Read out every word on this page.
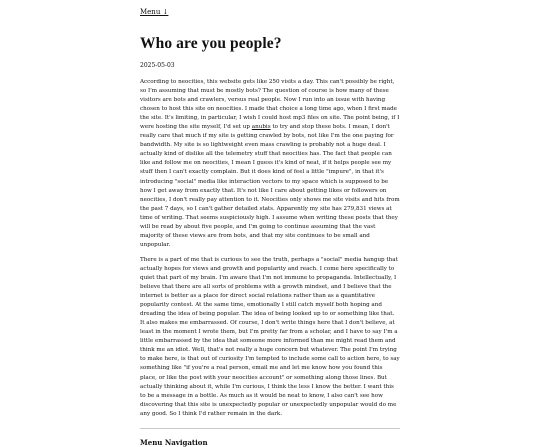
Menu ↓
Who are you people?
2025-05-03

According to neocities, this website gets like 250 visits a day. This can't possibly be right, so I'm assuming that must be mostly bots? The question of course is how many of these visitors are bots and crawlers, versus real people. Now I run into an issue with having chosen to host this site on neocities. I made that choice a long time ago, when I first made the site. It's limiting, in particular, I wish I could host mp3 files on site. The point being, if I were hosting the site myself, I'd set up anubis to try and stop these bots. I mean, I don't really care that much if my site is getting crawled by bots, not like I'm the one paying for bandwidth. My site is so lightweight even mass crawling is probably not a huge deal. I actually kind of dislike all the telemetry stuff that neocities has. The fact that people can like and follow me on neocities, I mean I guess it's kind of neat, if it helps people see my stuff then I can't exactly complain. But it does kind of feel a little "impure", in that it's introducing "social" media like interaction vectors to my space which is supposed to be how I get away from exactly that. It's not like I care about getting likes or followers on neocities, I don't really pay attention to it. Neocities only shows me site visits and hits from the past 7 days, so I can't gather detailed stats. Apparently my site has 279,831 views at time of writing. That seems suspiciously high. I assume when writing these posts that they will be read by about five people, and I'm going to continue assuming that the vast majority of these views are from bots, and that my site continues to be small and unpopular.

There is a part of me that is curious to see the truth, perhaps a "social" media hangup that actually hopes for views and growth and popularity and reach. I come here specifically to quiet that part of my brain. I'm aware that I'm not immune to propaganda. Intellectually, I believe that there are all sorts of problems with a growth mindset, and I believe that the internet is better as a place for direct social relations rather than as a quantitative popularity contest. At the same time, emotionally I still catch myself both hoping and dreading the idea of being popular. The idea of being looked up to or something like that. It also makes me embarrassed. Of course, I don't write things here that I don't believe, at least in the moment I wrote them, but I'm pretty far from a scholar, and I have to say I'm a little embarrassed by the idea that someone more informed than me might read them and think me an idiot. Well, that's not really a huge concern but whatever. The point I'm trying to make here, is that out of curiosity I'm tempted to include some call to action here, to say something like "if you're a real person, email me and let me know how you found this place, or like the post with your neocities account" or something along those lines. But actually thinking about it, while I'm curious, I think the less I know the better. I want this to be a message in a bottle. As much as it would be neat to know, I also can't see how discovering that this site is unexpectedly popular or unexpectedly unpopular would do me any good. So I think I'd rather remain in the dark.

Menu Navigation
